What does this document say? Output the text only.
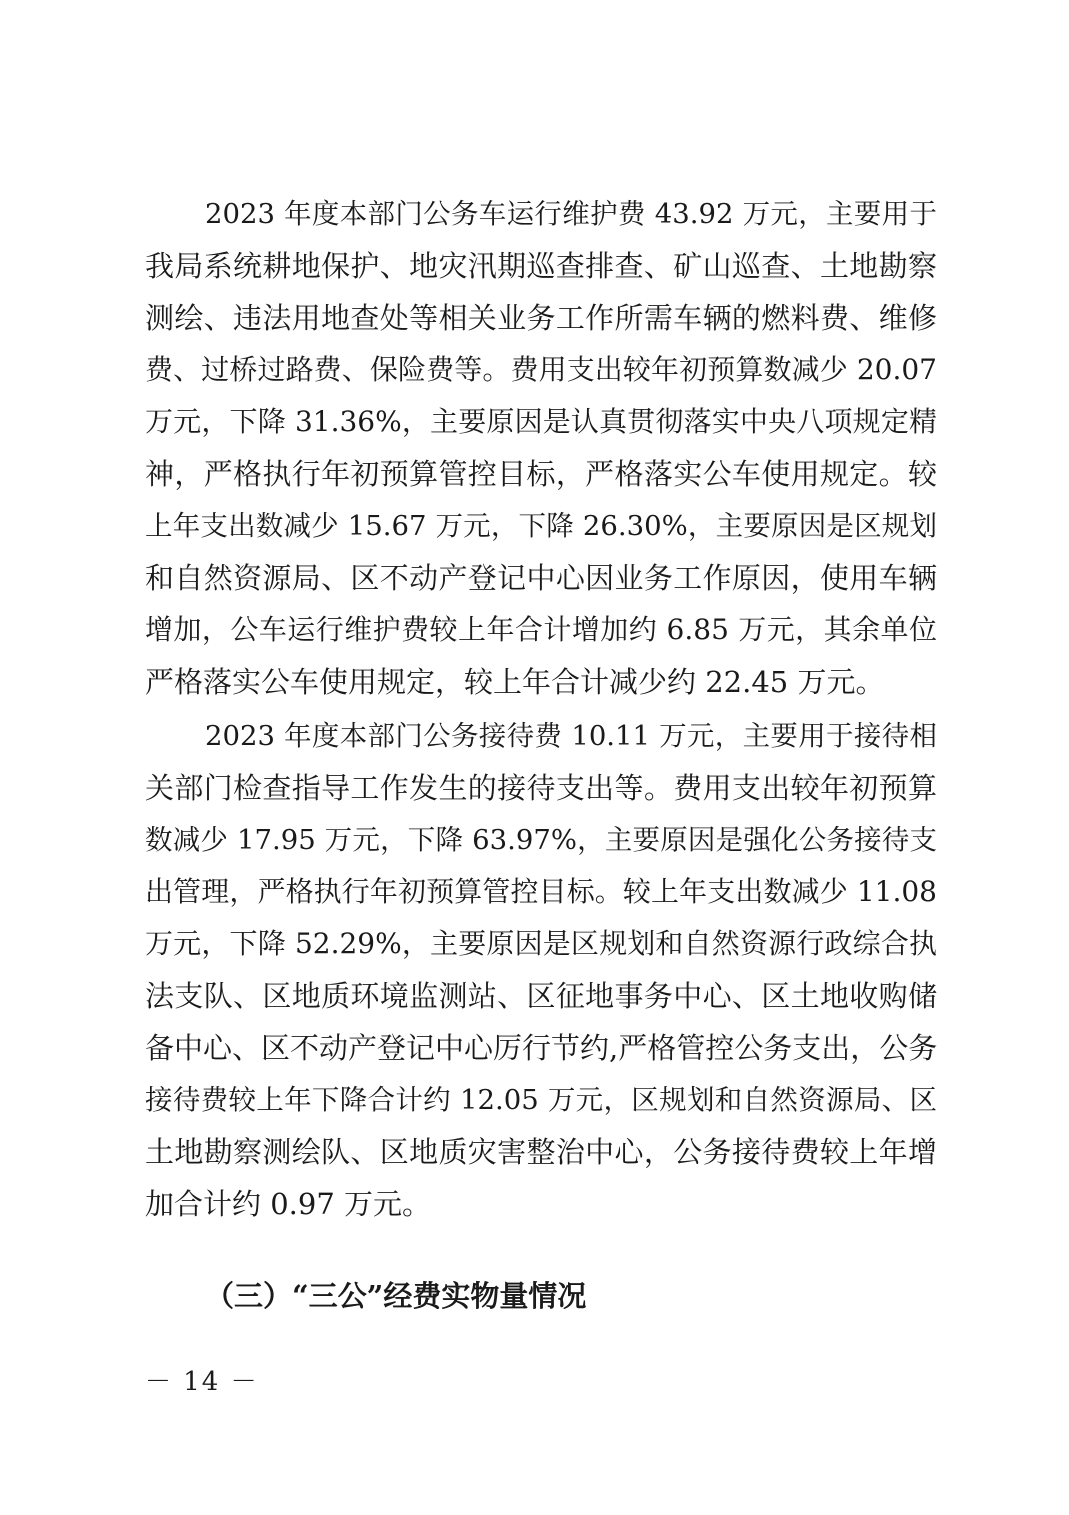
2023 年度本部门公务车运行维护费 43.92 万元，主要用于
我局系统耕地保护、地灾汛期巡查排查、矿山巡查、土地勘察
测绘、违法用地查处等相关业务工作所需车辆的燃料费、维修
费、过桥过路费、保险费等。费用支出较年初预算数减少 20.07
万元，下降 31.36%，主要原因是认真贯彻落实中央八项规定精
神，严格执行年初预算管控目标，严格落实公车使用规定。较
上年支出数减少 15.67 万元，下降 26.30%，主要原因是区规划
和自然资源局、区不动产登记中心因业务工作原因，使用车辆
增加，公车运行维护费较上年合计增加约 6.85 万元，其余单位
严格落实公车使用规定，较上年合计减少约 22.45 万元。
2023 年度本部门公务接待费 10.11 万元，主要用于接待相
关部门检查指导工作发生的接待支出等。费用支出较年初预算
数减少 17.95 万元，下降 63.97%，主要原因是强化公务接待支
出管理，严格执行年初预算管控目标。较上年支出数减少 11.08
万元，下降 52.29%，主要原因是区规划和自然资源行政综合执
法支队、区地质环境监测站、区征地事务中心、区土地收购储
备中心、区不动产登记中心厉行节约,严格管控公务支出，公务
接待费较上年下降合计约 12.05 万元，区规划和自然资源局、区
土地勘察测绘队、区地质灾害整治中心，公务接待费较上年增
加合计约 0.97 万元。
（三）“三公”经费实物量情况
－ 14 －
